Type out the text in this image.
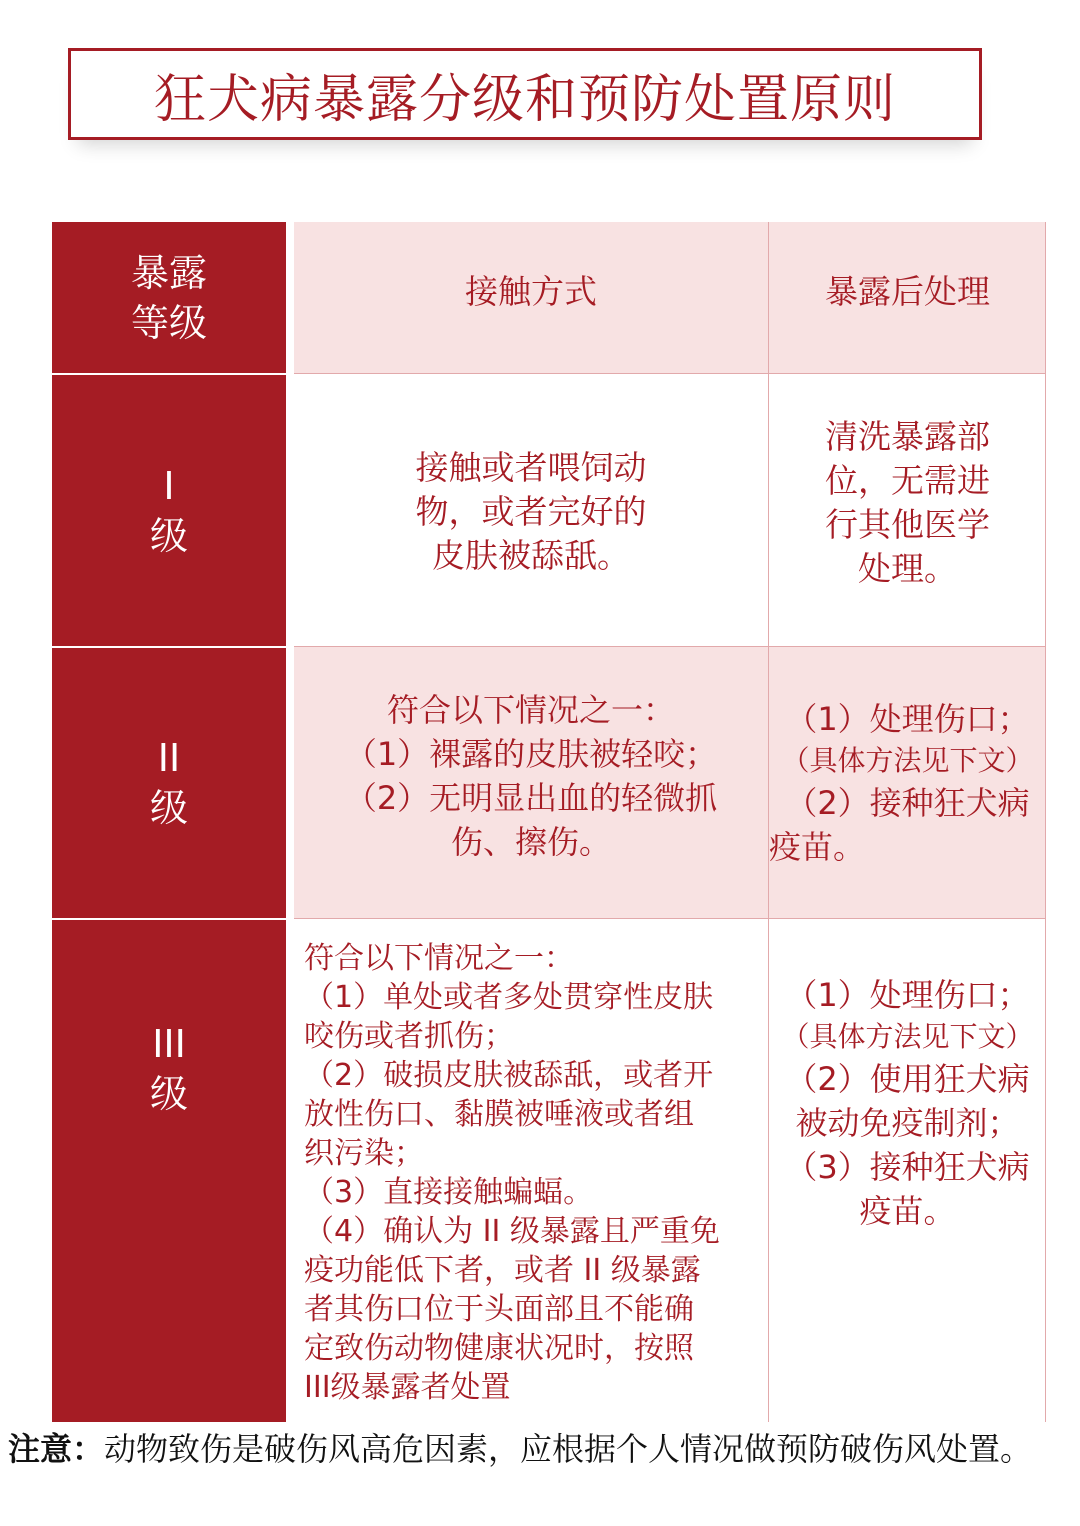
狂犬病暴露分级和预防处置原则
暴露
等级
I
级
II
级
III
级
接触方式	暴露后处理
接触或者喂饲动
物，或者完好的
皮肤被舔舐。
清洗暴露部
位，无需进
行其他医学
处理。
符合以下情况之一：
（1）裸露的皮肤被轻咬；
（2）无明显出血的轻微抓
伤、擦伤。
（1）处理伤口；
（具体方法见下文）
（2）接种狂犬病
疫苗。
符合以下情况之一：
（1）单处或者多处贯穿性皮肤
咬伤或者抓伤；
（2）破损皮肤被舔舐，或者开
放性伤口、黏膜被唾液或者组
织污染；
（3）直接接触蝙蝠。
（4）确认为 II 级暴露且严重免
疫功能低下者，或者 II 级暴露
者其伤口位于头面部且不能确
定致伤动物健康状况时，按照
III级暴露者处置
（1）处理伤口；
（具体方法见下文）
（2）使用狂犬病
被动免疫制剂；
（3）接种狂犬病
疫苗。
注意：动物致伤是破伤风高危因素，应根据个人情况做预防破伤风处置。
